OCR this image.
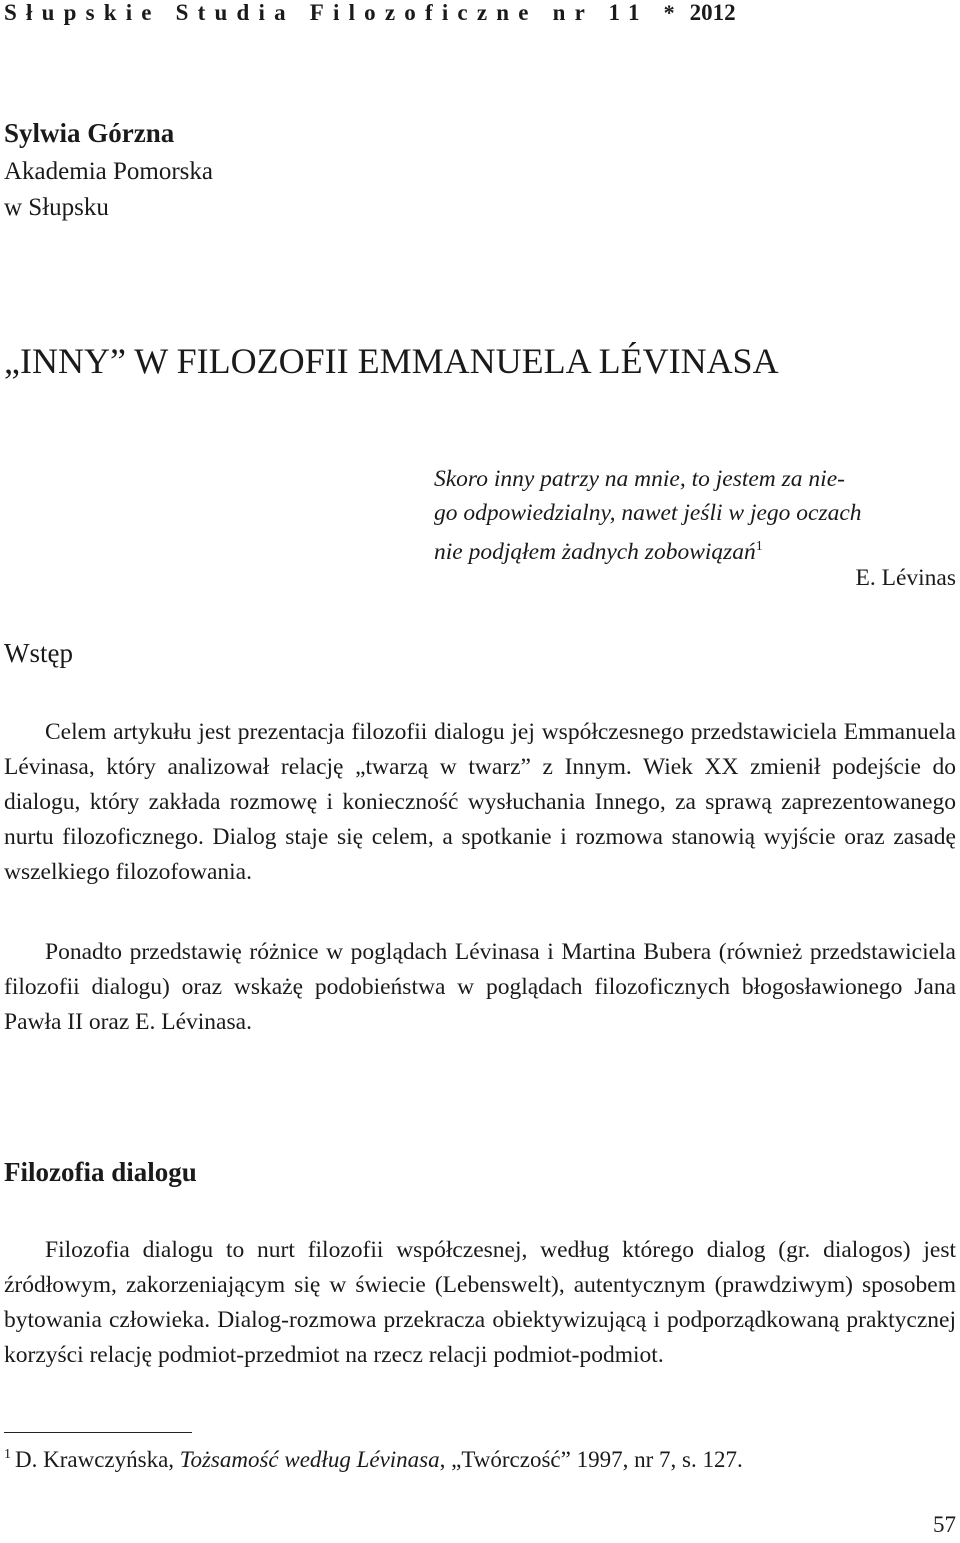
Słupskie Studia Filozoficzne nr 11 * 2012
Sylwia Górzna
Akademia Pomorska
w Słupsku
„INNY” W FILOZOFII EMMANUELA LÉVINASA
Skoro inny patrzy na mnie, to jestem za nie-
go odpowiedzialny, nawet jeśli w jego oczach
nie podjąłem żadnych zobowiązań$^1$
E. Lévinas
Wstęp

Celem artykułu jest prezentacja filozofii dialogu jej współczesnego przedstawiciela Emmanuela Lévinasa, który analizował relację „twarzą w twarz” z Innym. Wiek XX zmienił podejście do dialogu, który zakłada rozmowę i konieczność wysłuchania Innego, za sprawą zaprezentowanego nurtu filozoficznego. Dialog staje się celem, a spotkanie i rozmowa stanowią wyjście oraz zasadę wszelkiego filozofowania.

Ponadto przedstawię różnice w poglądach Lévinasa i Martina Bubera (również przedstawiciela filozofii dialogu) oraz wskażę podobieństwa w poglądach filozoficznych błogosławionego Jana Pawła II oraz E. Lévinasa.

Filozofia dialogu

Filozofia dialogu to nurt filozofii współczesnej, według którego dialog (gr. dialogos) jest źródłowym, zakorzeniającym się w świecie (Lebenswelt), autentycznym (prawdziwym) sposobem bytowania człowieka. Dialog-rozmowa przekracza obiektywizującą i podporządkowaną praktycznej korzyści relację podmiot-przedmiot na rzecz relacji podmiot-podmiot.

$^1$ D. Krawczyńska, Tożsamość według Lévinasa, „Twórczość” 1997, nr 7, s. 127.
57
